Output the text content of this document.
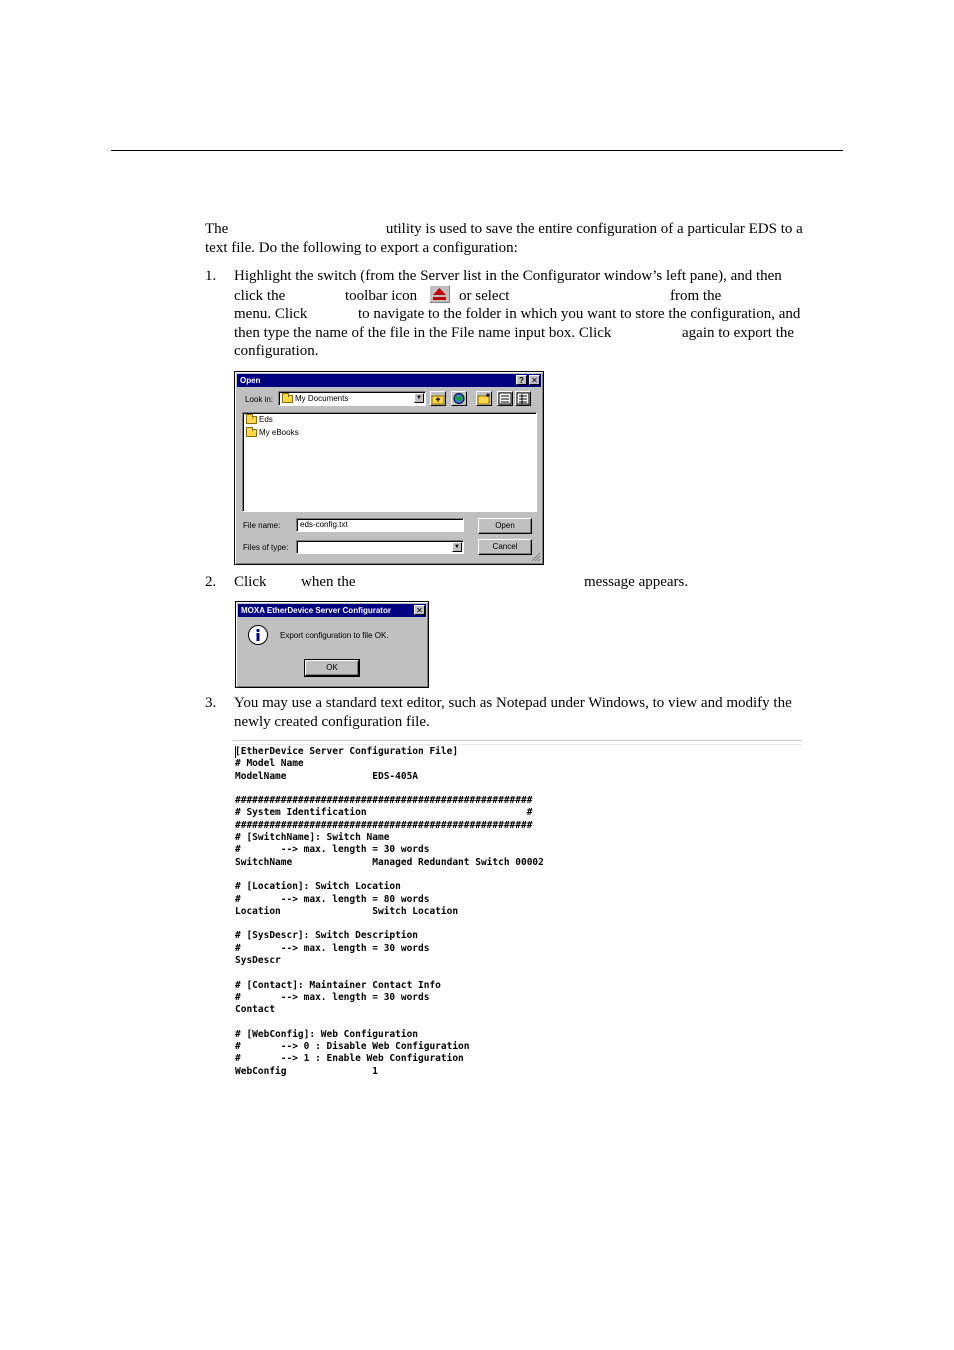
The	utility is used to save the entire configuration of a particular EDS to a
text file. Do the following to export a configuration:
1. Highlight the switch (from the Server list in the Configurator window’s left pane), and then
click the	toolbar icon	or select	from the
menu. Click	to navigate to the folder in which you want to store the configuration, and
then type the name of the file in the File name input box. Click	again to export the
configuration.
Open	? ✕
Look in:	My Documents	▼
Eds
My eBooks
File name: eds-config.txt	Open
Files of type:	▼	Cancel
2. Click when the	message appears.
MOXA EtherDevice Server Configurator	✕
Export configuration to file OK.
OK
3. You may use a standard text editor, such as Notepad under Windows, to view and modify the
newly created configuration file.
[EtherDevice Server Configuration File]
# Model Name
ModelName               EDS-405A
####################################################
# System Identification                            #
####################################################
# [SwitchName]: Switch Name
#       --> max. length = 30 words
SwitchName              Managed Redundant Switch 00002
# [Location]: Switch Location
#       --> max. length = 80 words
Location                Switch Location
# [SysDescr]: Switch Description
#       --> max. length = 30 words
SysDescr
# [Contact]: Maintainer Contact Info
#       --> max. length = 30 words
Contact
# [WebConfig]: Web Configuration
#       --> 0 : Disable Web Configuration
#       --> 1 : Enable Web Configuration
WebConfig               1
